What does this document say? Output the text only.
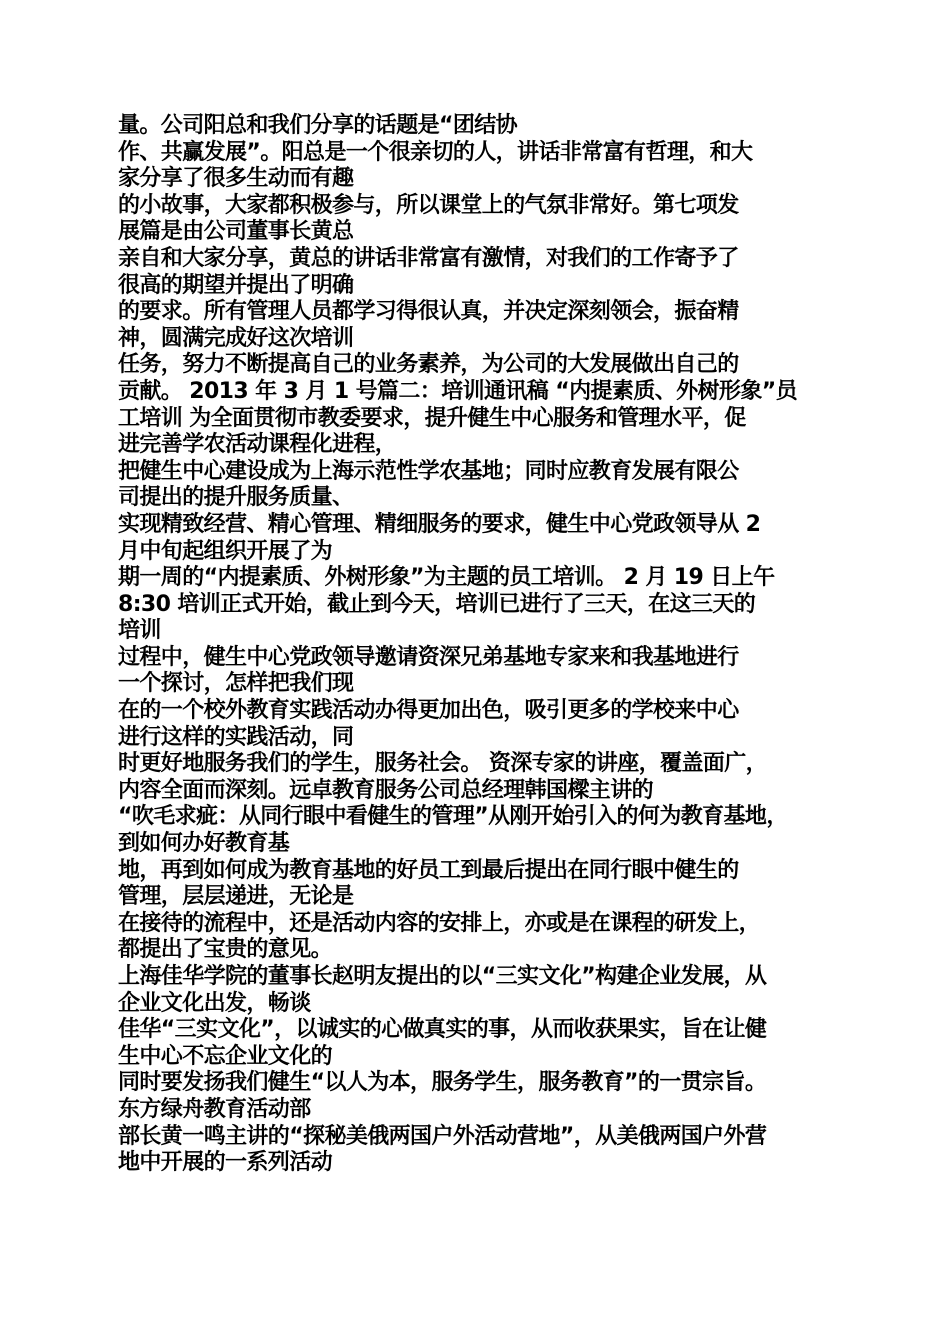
量。公司阳总和我们分享的话题是“团结协
作、共赢发展”。阳总是一个很亲切的人，讲话非常富有哲理，和大
家分享了很多生动而有趣
的小故事，大家都积极参与，所以课堂上的气氛非常好。第七项发
展篇是由公司董事长黄总
亲自和大家分享，黄总的讲话非常富有激情，对我们的工作寄予了
很高的期望并提出了明确
的要求。所有管理人员都学习得很认真，并决定深刻领会，振奋精
神，圆满完成好这次培训
任务，努力不断提高自己的业务素养，为公司的大发展做出自己的
贡献。 2013 年 3 月 1 号篇二：培训通讯稿 “内提素质、外树形象”员
工培训 为全面贯彻市教委要求，提升健生中心服务和管理水平，促
进完善学农活动课程化进程，
把健生中心建设成为上海示范性学农基地；同时应教育发展有限公
司提出的提升服务质量、
实现精致经营、精心管理、精细服务的要求，健生中心党政领导从 2
月中旬起组织开展了为
期一周的“内提素质、外树形象”为主题的员工培训。 2 月 19 日上午
8:30 培训正式开始，截止到今天，培训已进行了三天，在这三天的
培训
过程中，健生中心党政领导邀请资深兄弟基地专家来和我基地进行
一个探讨，怎样把我们现
在的一个校外教育实践活动办得更加出色，吸引更多的学校来中心
进行这样的实践活动，同
时更好地服务我们的学生，服务社会。 资深专家的讲座，覆盖面广，
内容全面而深刻。远卓教育服务公司总经理韩国樑主讲的
“吹毛求疵：从同行眼中看健生的管理”从刚开始引入的何为教育基地，
到如何办好教育基
地，再到如何成为教育基地的好员工到最后提出在同行眼中健生的
管理，层层递进，无论是
在接待的流程中，还是活动内容的安排上，亦或是在课程的研发上，
都提出了宝贵的意见。
上海佳华学院的董事长赵明友提出的以“三实文化”构建企业发展，从
企业文化出发，畅谈
佳华“三实文化”，以诚实的心做真实的事，从而收获果实，旨在让健
生中心不忘企业文化的
同时要发扬我们健生“以人为本，服务学生，服务教育”的一贯宗旨。
东方绿舟教育活动部
部长黄一鸣主讲的“探秘美俄两国户外活动营地”，从美俄两国户外营
地中开展的一系列活动
